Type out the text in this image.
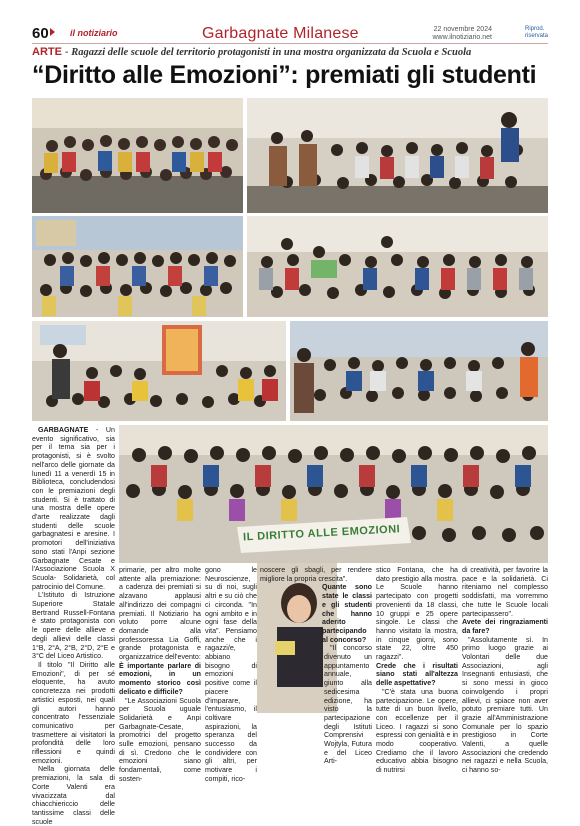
60	il notiziario	Garbagnate Milanese	22 novembre 2024
www.ilnotiziario.net
Riprod.
riservata
ARTE - Ragazzi delle scuole del territorio protagonisti in una mostra organizzata da Scuola e Scuola
“Diritto alle Emozioni”: premiati gli studenti
IL DIRITTO ALLE EMOZIONI

GARBAGNATE - Un evento significativo, sia per il tema sia per i protagonisti, si è svolto nell'arco delle giornate da lunedì 11 a venerdì 15 in Biblioteca, concludendosi con le premiazioni degli studenti. Si è trattato di una mostra delle opere d'arte realizzate dagli studenti delle scuole garbagnatesi e aresine. I promotori dell'iniziativa sono stati l'Anpi sezione Garbagnate Cesate e l'Associazione Scuola X Scuola- Solidarietà, col patrocinio del Comune.

L'Istituto di Istruzione Superiore Statale Bertrand Russell-Fontana è stato protagonista con le opere delle allieve e degli allievi delle classi 1°B, 2°A, 2°B, 2°D, 2°E e 3°C del Liceo Artistico.

Il titolo "Il Diritto alle Emozioni", di per sé eloquente, ha avuto concretezza nei prodotti artistici esposti, nei quali gli autori hanno concentrato l'essenziale comunicativo per trasmettere ai visitatori la profondità delle loro riflessioni e quindi emozioni.

Nella giornata delle premiazioni, la sala di Corte Valenti era vivacizzata dal chiacchiericcio delle tantissime classi delle scuole

primarie, per altro molte attente alla premiazione: a cadenza dei premiati si alzavano applausi all'indirizzo dei compagni premiati. Il Notiziario ha voluto porre alcune domande alla professoressa Lia Goffi, grande protagonista e organizzatrice dell'evento:

È importante parlare di emozioni, in un momento storico così delicato e difficile?

"Le Associazioni Scuola per Scuola uguale Solidarietà e Anpi Garbagnate-Cesate, promotrici del progetto sulle emozioni, pensano di sì. Credono che le emozioni siano fondamentali, come sosten-

gono le Neuroscienze, su di noi, sugli altri e su ciò che ci circonda. "In ogni ambito e in ogni fase della vita". Pensiamo anche che i ragazzi/e, abbiano bisogno di emozioni positive come il piacere d'imparare, l'entusiasmo, il coltivare aspirazioni, la speranza del successo da condividere con gli altri, per motivare i compiti, rico-

noscere gli sbagli, per rendere migliore la propria crescita".

Quante sono state le classi e gli studenti che hanno aderito partecipando al concorso?

"Il concorso divenuto un appuntamento annuale, giunto alla sedicesima edizione, ha visto la partecipazione degli Istituti Comprensivi Wojtyla, Futura e del Liceo Arti-

stico Fontana, che ha dato prestigio alla mostra. Le Scuole hanno partecipato con progetti provenienti da 18 classi, 10 gruppi e 25 opere singole. Le classi che hanno visitato la mostra, in cinque giorni, sono state 22, oltre 450 ragazzi".

Crede che i risultati siano stati all'altezza delle aspettative?

"C'è stata una buona partecipazione. Le opere, tutte di un buon livello, con eccellenze per il Liceo. I ragazzi si sono espressi con genialità e in modo cooperativo. Crediamo che il lavoro educativo abbia bisogno di nutrirsi

di creatività, per favorire la pace e la solidarietà. Ci riteniamo nel complesso soddisfatti, ma vorremmo che tutte le Scuole locali partecipassero".

Avete dei ringraziamenti da fare?

"Assolutamente sì. In primo luogo grazie ai Volontari delle due Associazioni, agli Insegnanti entusiasti, che si sono messi in gioco coinvolgendo i propri allievi, ci spiace non aver potuto premiare tutti. Un grazie all'Amministrazione Comunale per lo spazio prestigioso in Corte Valenti, a quelle Associazioni che credendo nei ragazzi e nella Scuola, ci hanno so-
